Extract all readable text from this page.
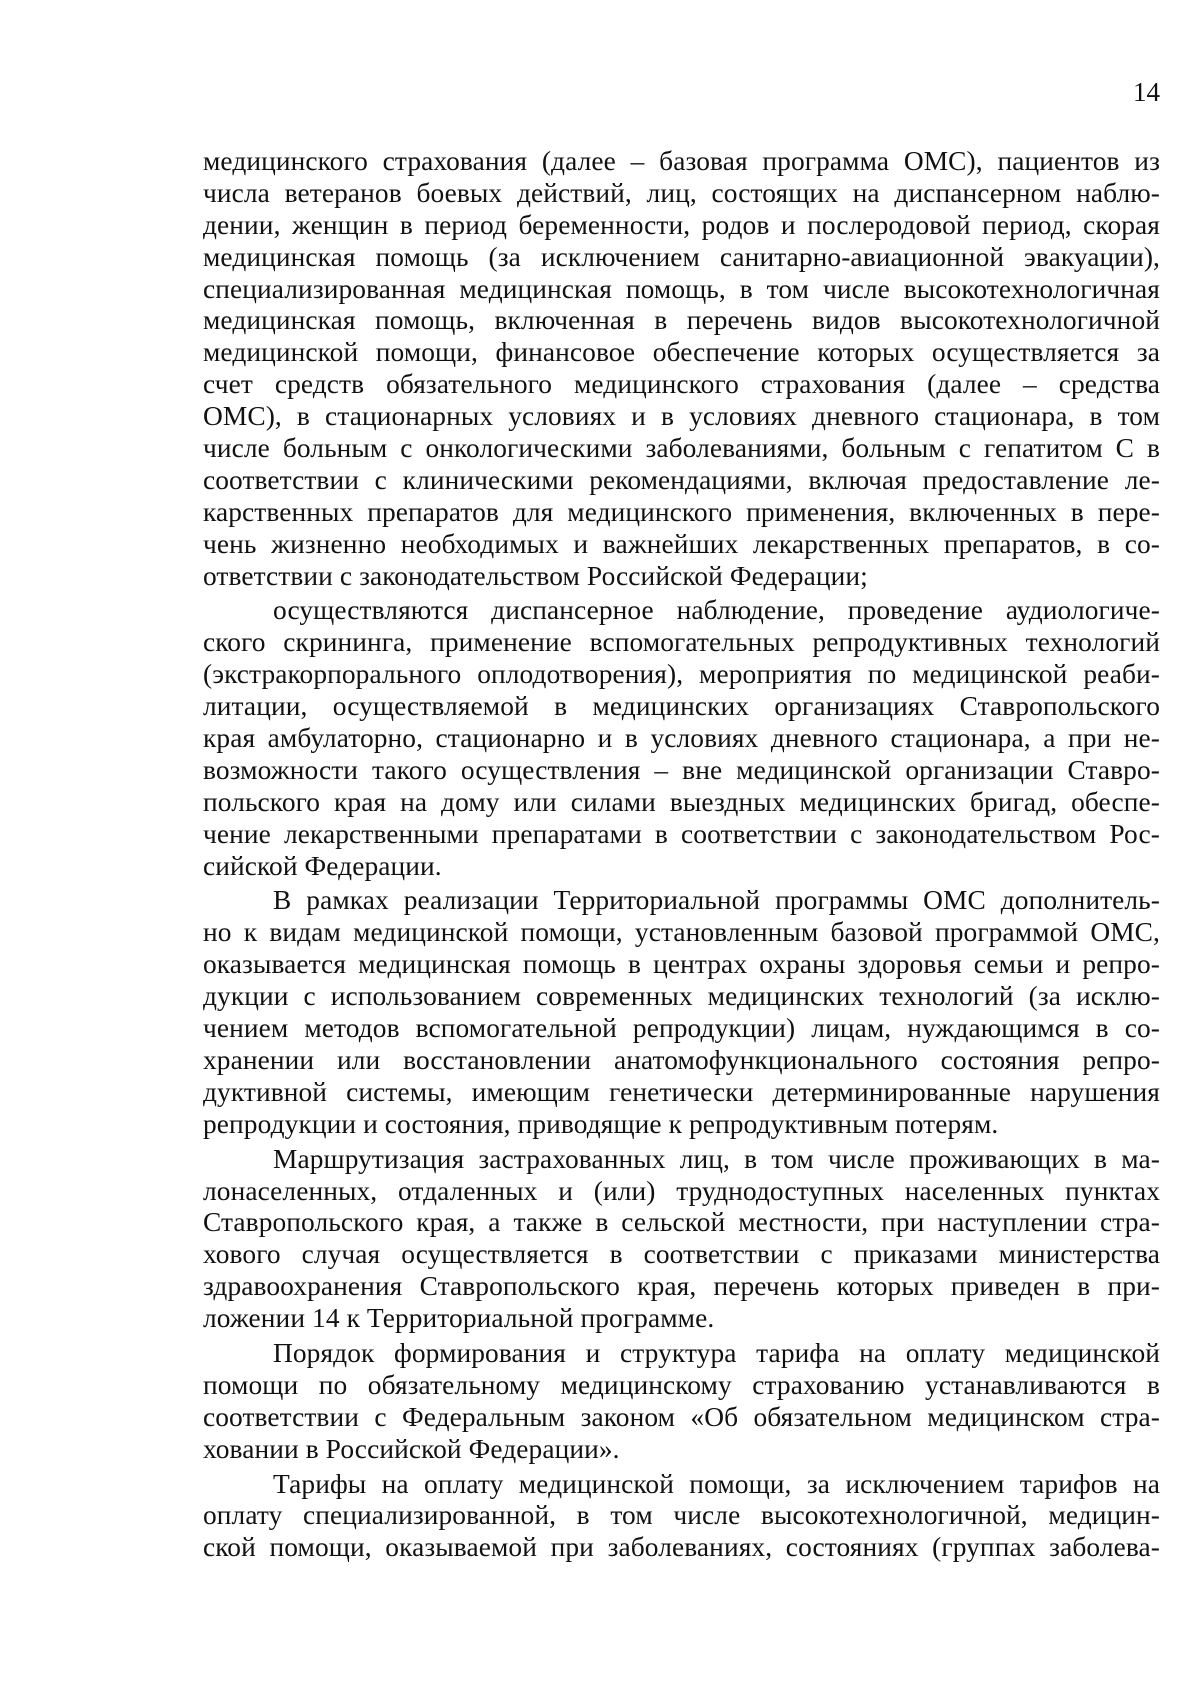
14
медицинского страхования (далее – базовая программа ОМС), пациентов из
числа ветеранов боевых действий, лиц, состоящих на диспансерном наблю-
дении, женщин в период беременности, родов и послеродовой период, скорая
медицинская помощь (за исключением санитарно-авиационной эвакуации),
специализированная медицинская помощь, в том числе высокотехнологичная
медицинская помощь, включенная в перечень видов высокотехнологичной
медицинской помощи, финансовое обеспечение которых осуществляется за
счет средств обязательного медицинского страхования (далее – средства
ОМС), в стационарных условиях и в условиях дневного стационара, в том
числе больным с онкологическими заболеваниями, больным с гепатитом С в
соответствии с клиническими рекомендациями, включая предоставление ле-
карственных препаратов для медицинского применения, включенных в пере-
чень жизненно необходимых и важнейших лекарственных препаратов, в со-
ответствии с законодательством Российской Федерации;
осуществляются диспансерное наблюдение, проведение аудиологиче-
ского скрининга, применение вспомогательных репродуктивных технологий
(экстракорпорального оплодотворения), мероприятия по медицинской реаби-
литации, осуществляемой в медицинских организациях Ставропольского
края амбулаторно, стационарно и в условиях дневного стационара, а при не-
возможности такого осуществления – вне медицинской организации Ставро-
польского края на дому или силами выездных медицинских бригад, обеспе-
чение лекарственными препаратами в соответствии с законодательством Рос-
сийской Федерации.
В рамках реализации Территориальной программы ОМС дополнитель-
но к видам медицинской помощи, установленным базовой программой ОМС,
оказывается медицинская помощь в центрах охраны здоровья семьи и репро-
дукции с использованием современных медицинских технологий (за исклю-
чением методов вспомогательной репродукции) лицам, нуждающимся в со-
хранении или восстановлении анатомофункционального состояния репро-
дуктивной системы, имеющим генетически детерминированные нарушения
репродукции и состояния, приводящие к репродуктивным потерям.
Маршрутизация застрахованных лиц, в том числе проживающих в ма-
лонаселенных, отдаленных и (или) труднодоступных населенных пунктах
Ставропольского края, а также в сельской местности, при наступлении стра-
хового случая осуществляется в соответствии с приказами министерства
здравоохранения Ставропольского края, перечень которых приведен в при-
ложении 14 к Территориальной программе.
Порядок формирования и структура тарифа на оплату медицинской
помощи по обязательному медицинскому страхованию устанавливаются в
соответствии с Федеральным законом «Об обязательном медицинском стра-
ховании в Российской Федерации».
Тарифы на оплату медицинской помощи, за исключением тарифов на
оплату специализированной, в том числе высокотехнологичной, медицин-
ской помощи, оказываемой при заболеваниях, состояниях (группах заболева-
